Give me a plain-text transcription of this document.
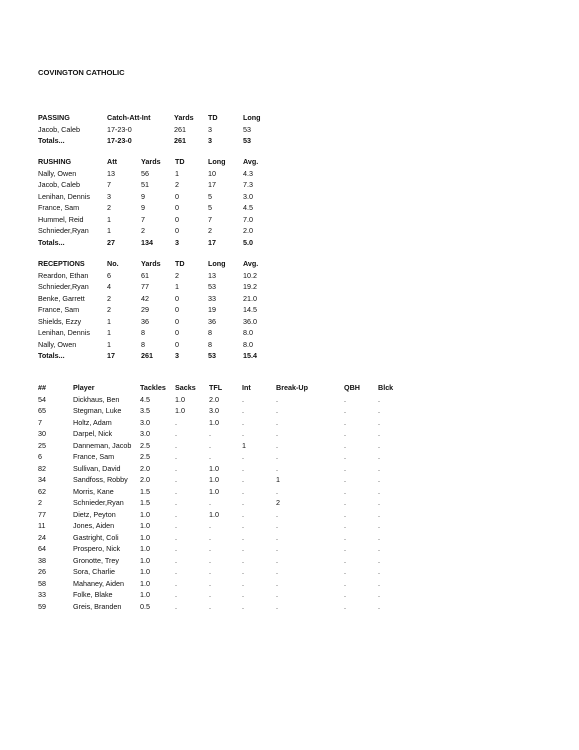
COVINGTON CATHOLIC
PASSING	Catch-Att-Int	Yards TD	Long
Jacob, Caleb	17-23-0	261	3	53
Totals...	17-23-0	261	3	53
RUSHING	Att	Yards TD	Long Avg.
Nally, Owen	13	56	1	10	4.3
Jacob, Caleb	7	51	2	17	7.3
Lenihan, Dennis 3	9	0	5	3.0
France, Sam	2	9	0	5	4.5
Hummel, Reid	1	7	0	7	7.0
Schnieder,Ryan	1	2	0	2	2.0
Totals...	27	134	3	17	5.0
RECEPTIONS	No.	Yards TD	Long Avg.
Reardon, Ethan	6	61	2	13	10.2
Schnieder,Ryan	4	77	1	53	19.2
Benke, Garrett	2	42	0	33	21.0
France, Sam	2	29	0	19	14.5
Shields, Ezzy	1	36	0	36	36.0
Lenihan, Dennis 1	8	0	8	8.0
Nally, Owen	1	8	0	8	8.0
Totals...	17	261	3	53	15.4
##	Player	Tackles Sacks TFL	Int	Break-Up	QBH	Blck
54	Dickhaus, Ben	4.5	1.0	2.0	.	.	.	.
65	Stegman, Luke	3.5	1.0	3.0	.	.	.	.
7	Holtz, Adam	3.0	.	1.0	.	.	.	.
30	Darpel, Nick	3.0	.	.	.	.	.	.
25	Danneman, Jacob 2.5	.	.	1	.	.	.
6	France, Sam	2.5	.	.	.	.	.	.
82	Sullivan, David	2.0	.	1.0	.	.	.	.
34	Sandfoss, Robby 2.0	.	1.0	.	1	.	.
62	Morris, Kane	1.5	.	1.0	.	.	.	.
2	Schnieder,Ryan 1.5	.	.	.	2	.	.
77	Dietz, Peyton	1.0	.	1.0	.	.	.	.
11	Jones, Aiden	1.0	.	.	.	.	.	.
24	Gastright, Coli	1.0	.	.	.	.	.	.
64	Prospero, Nick	1.0	.	.	.	.	.	.
38	Gronotte, Trey	1.0	.	.	.	.	.	.
26	Sora, Charlie	1.0	.	.	.	.	.	.
58	Mahaney, Aiden 1.0	.	.	.	.	.	.
33	Folke, Blake	1.0	.	.	.	.	.	.
59	Greis, Branden	0.5	.	.	.	.	.	.
